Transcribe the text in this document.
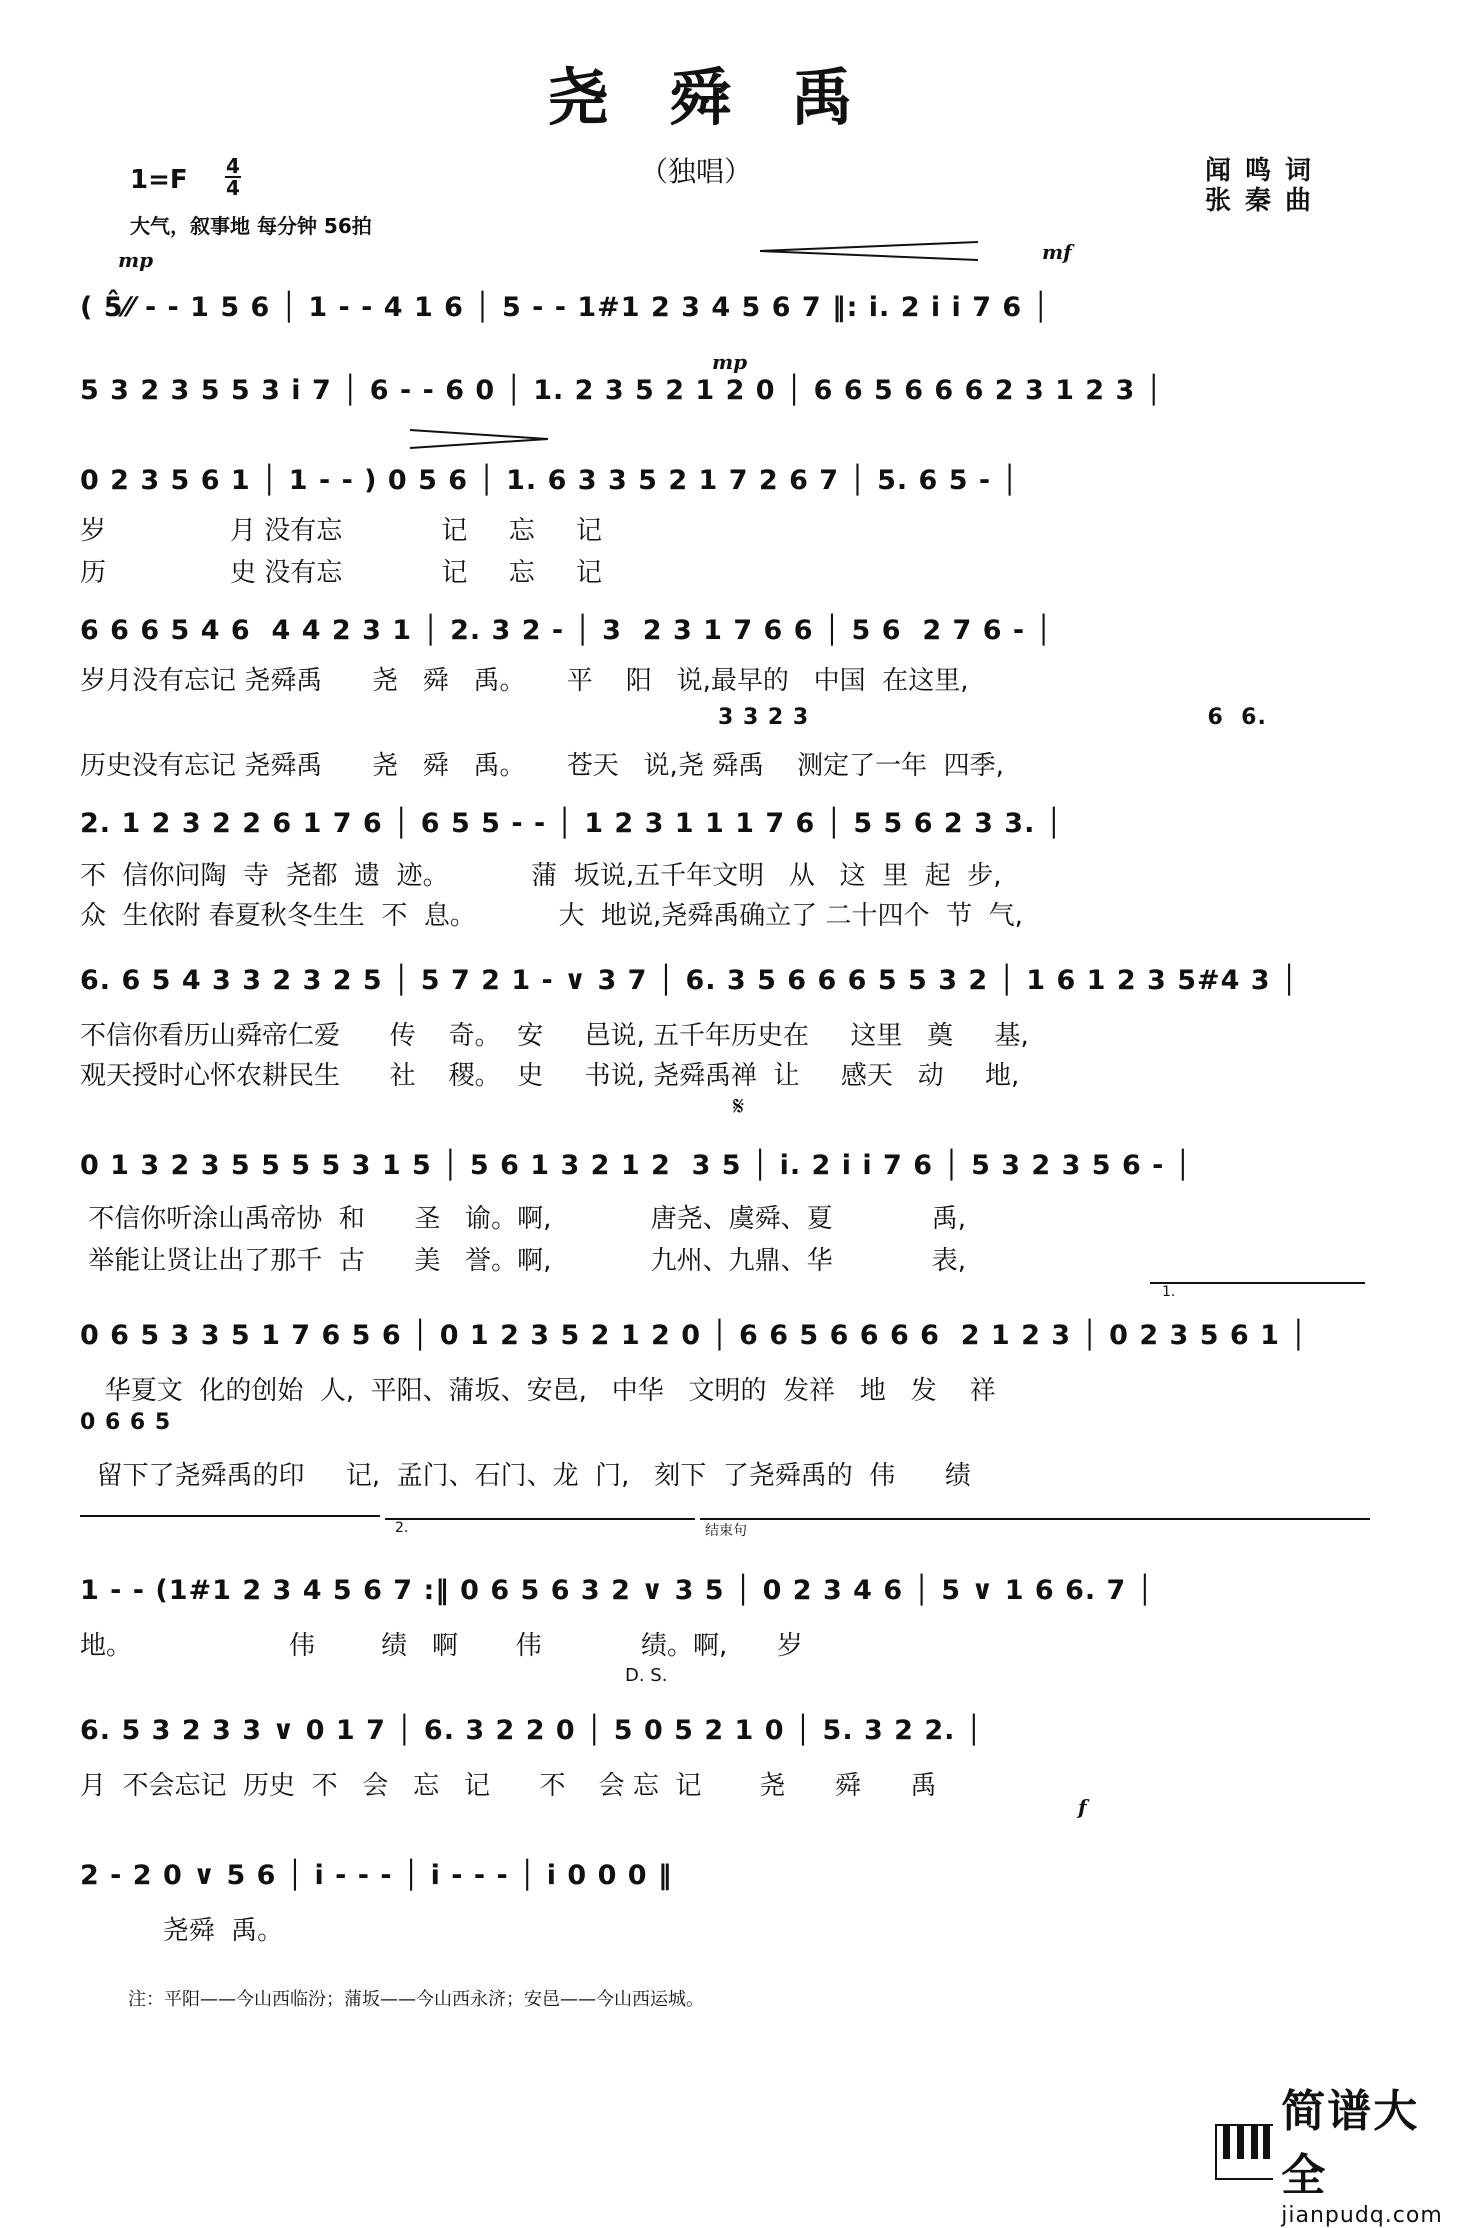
尧舜禹
（独唱）	闻鸣词
张秦曲
1=F 4
4
大气，叙事地 每分钟 56拍
mp	mf
mp
f
( 5̂⁄⁄ - - 1 5 6 │ 1 - - 4 1 6 │ 5 - - 1#1 2 3 4 5 6 7 ‖: i. 2 i i 7 6 │
5 3 2 3 5 5 3 i 7 │ 6 - - 6 0 │ 1. 2 3 5 2 1 2 0 │ 6 6 5 6 6 6 2 3 1 2 3 │
0 2 3 5 6 1 │ 1 - - ) 0 5 6 │ 1. 6 3 3 5 2 1 7 2 6 7 │ 5. 6 5 - │
岁               月 没有忘            记     忘     记
历               史 没有忘            记     忘     记
6 6 6 5 4 6  4 4 2 3 1 │ 2. 3 2 - │ 3  2 3 1 7 6 6 │ 5 6  2 7 6 - │
岁月没有忘记 尧舜禹      尧   舜   禹。     平    阳   说,最早的   中国  在这里,
3 3 2 3                                              6  6.
历史没有忘记 尧舜禹      尧   舜   禹。     苍天   说,尧 舜禹    测定了一年  四季,
2. 1 2 3 2 2 6 1 7 6 │ 6 5 5 - - │ 1 2 3 1 1 1 7 6 │ 5 5 6 2 3 3. │
不  信你问陶  寺  尧都  遗  迹。          蒲  坂说,五千年文明   从   这  里  起  步,
众  生依附 春夏秋冬生生  不  息。          大  地说,尧舜禹确立了 二十四个  节  气,
6. 6 5 4 3 3 2 3 2 5 │ 5 7 2 1 - ∨ 3 7 │ 6. 3 5 6 6 6 5 5 3 2 │ 1 6 1 2 3 5#4 3 │
不信你看历山舜帝仁爱      传    奇。  安     邑说, 五千年历史在     这里   奠     基,
观天授时心怀农耕民生      社    稷。  史     书说, 尧舜禹禅  让     感天   动     地,
𝄋
0 1 3 2 3 5 5 5 5 3 1 5 │ 5 6 1 3 2 1 2  3 5 │ i. 2 i i 7 6 │ 5 3 2 3 5 6 - │
不信你听涂山禹帝协  和      圣   谕。啊,            唐尧、虞舜、夏            禹,
举能让贤让出了那千  古      美   誉。啊,            九州、九鼎、华            表,
1.
0 6 5 3 3 5 1 7 6 5 6 │ 0 1 2 3 5 2 1 2 0 │ 6 6 5 6 6 6 6  2 1 2 3 │ 0 2 3 5 6 1 │
华夏文  化的创始  人,  平阳、蒲坂、安邑,   中华   文明的  发祥   地   发    祥
0 6 6 5
留下了尧舜禹的印     记,  孟门、石门、龙  门,   刻下  了尧舜禹的  伟      绩
2.	结束句
1 - - (1#1 2 3 4 5 6 7 :‖ 0 6 5 6 3 2 ∨ 3 5 │ 0 2 3 4 6 │ 5 ∨ 1 6 6. 7 │
地。                   伟        绩   啊       伟            绩。啊,      岁
D. S.
6. 5 3 2 3 3 ∨ 0 1 7 │ 6. 3 2 2 0 │ 5 0 5 2 1 0 │ 5. 3 2 2. │
月  不会忘记  历史  不   会   忘   记      不    会 忘  记       尧      舜      禹
2 - 2 0 ∨ 5 6 │ i - - - │ i - - - │ i 0 0 0 ‖
尧舜  禹。
注：平阳——今山西临汾；蒲坂——今山西永济；安邑——今山西运城。
简谱大全
jianpudq.com
